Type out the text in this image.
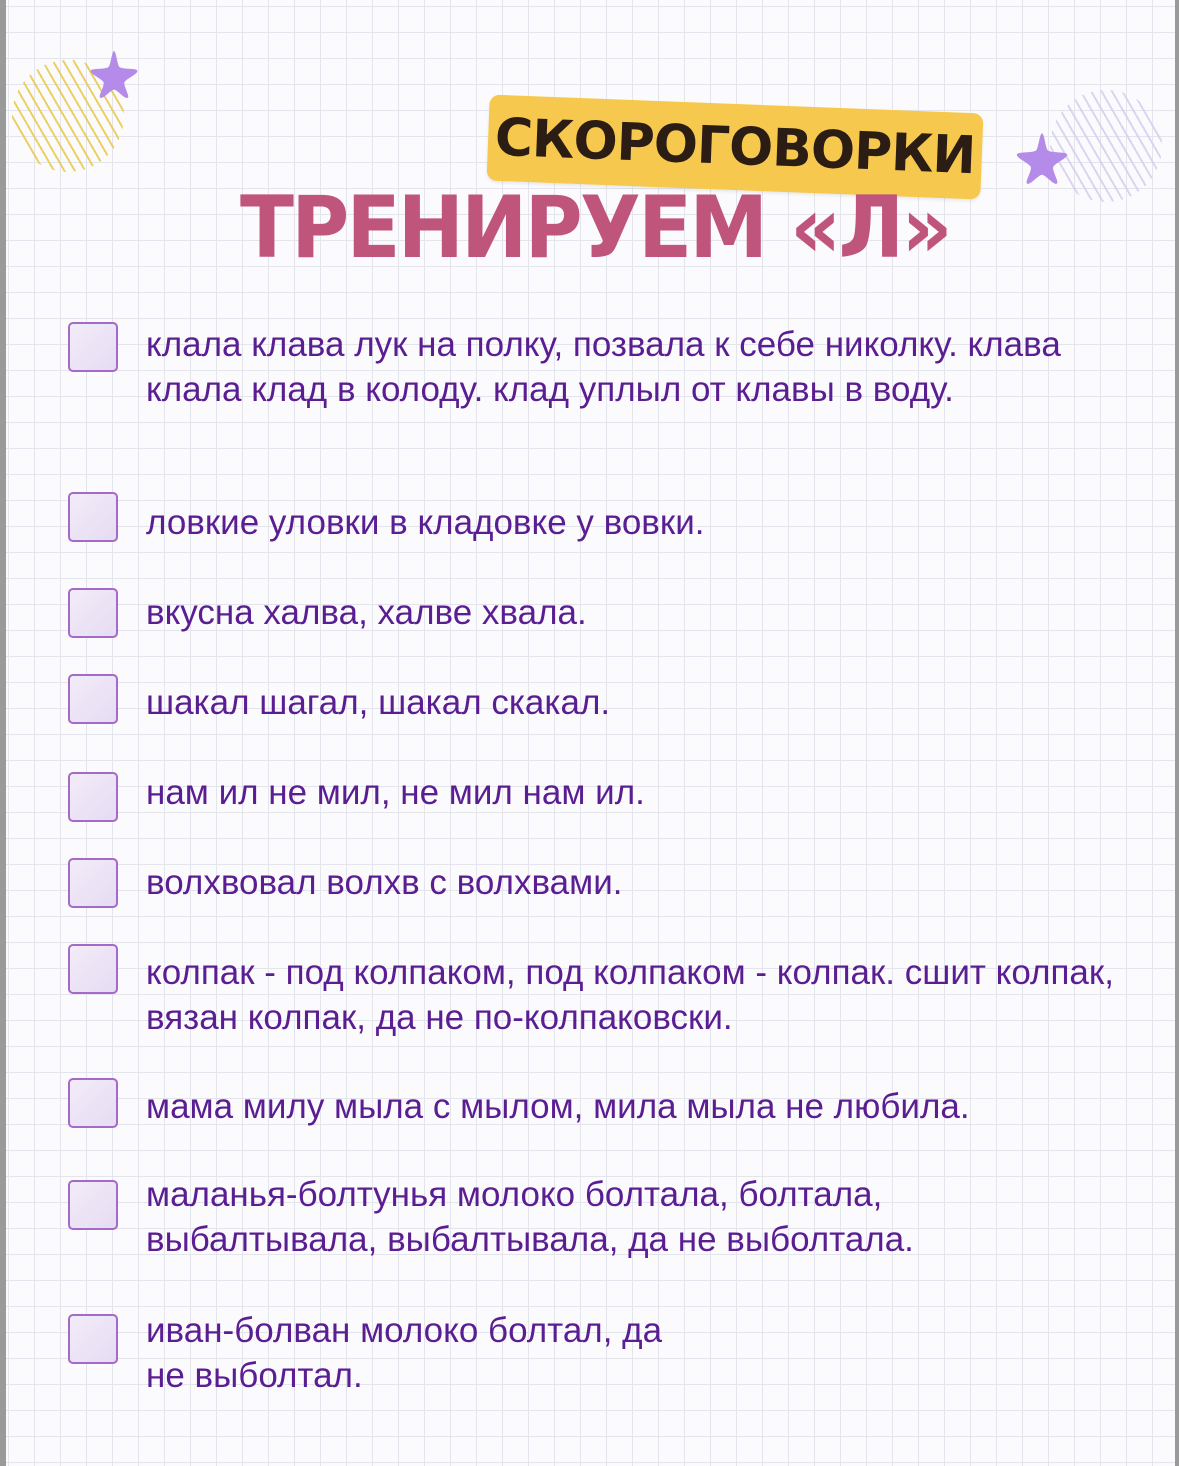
СКОРОГОВОРКИ
ТРЕНИРУЕМ «Л»
клала клава лук на полку, позвала к себе николку. клава клала клад в колоду. клад уплыл от клавы в воду.
ловкие уловки в кладовке у вовки.
вкусна халва, халве хвала.
шакал шагал, шакал скакал.
нам ил не мил, не мил нам ил.
волхвовал волхв с волхвами.
колпак - под колпаком, под колпаком - колпак. сшит колпак, вязан колпак, да не по-колпаковски.
мама милу мыла с мылом, мила мыла не любила.
маланья-болтунья молоко болтала, болтала, выбалтывала, выбалтывала, да не выболтала.
иван-болван молоко болтал, да не выболтал.
